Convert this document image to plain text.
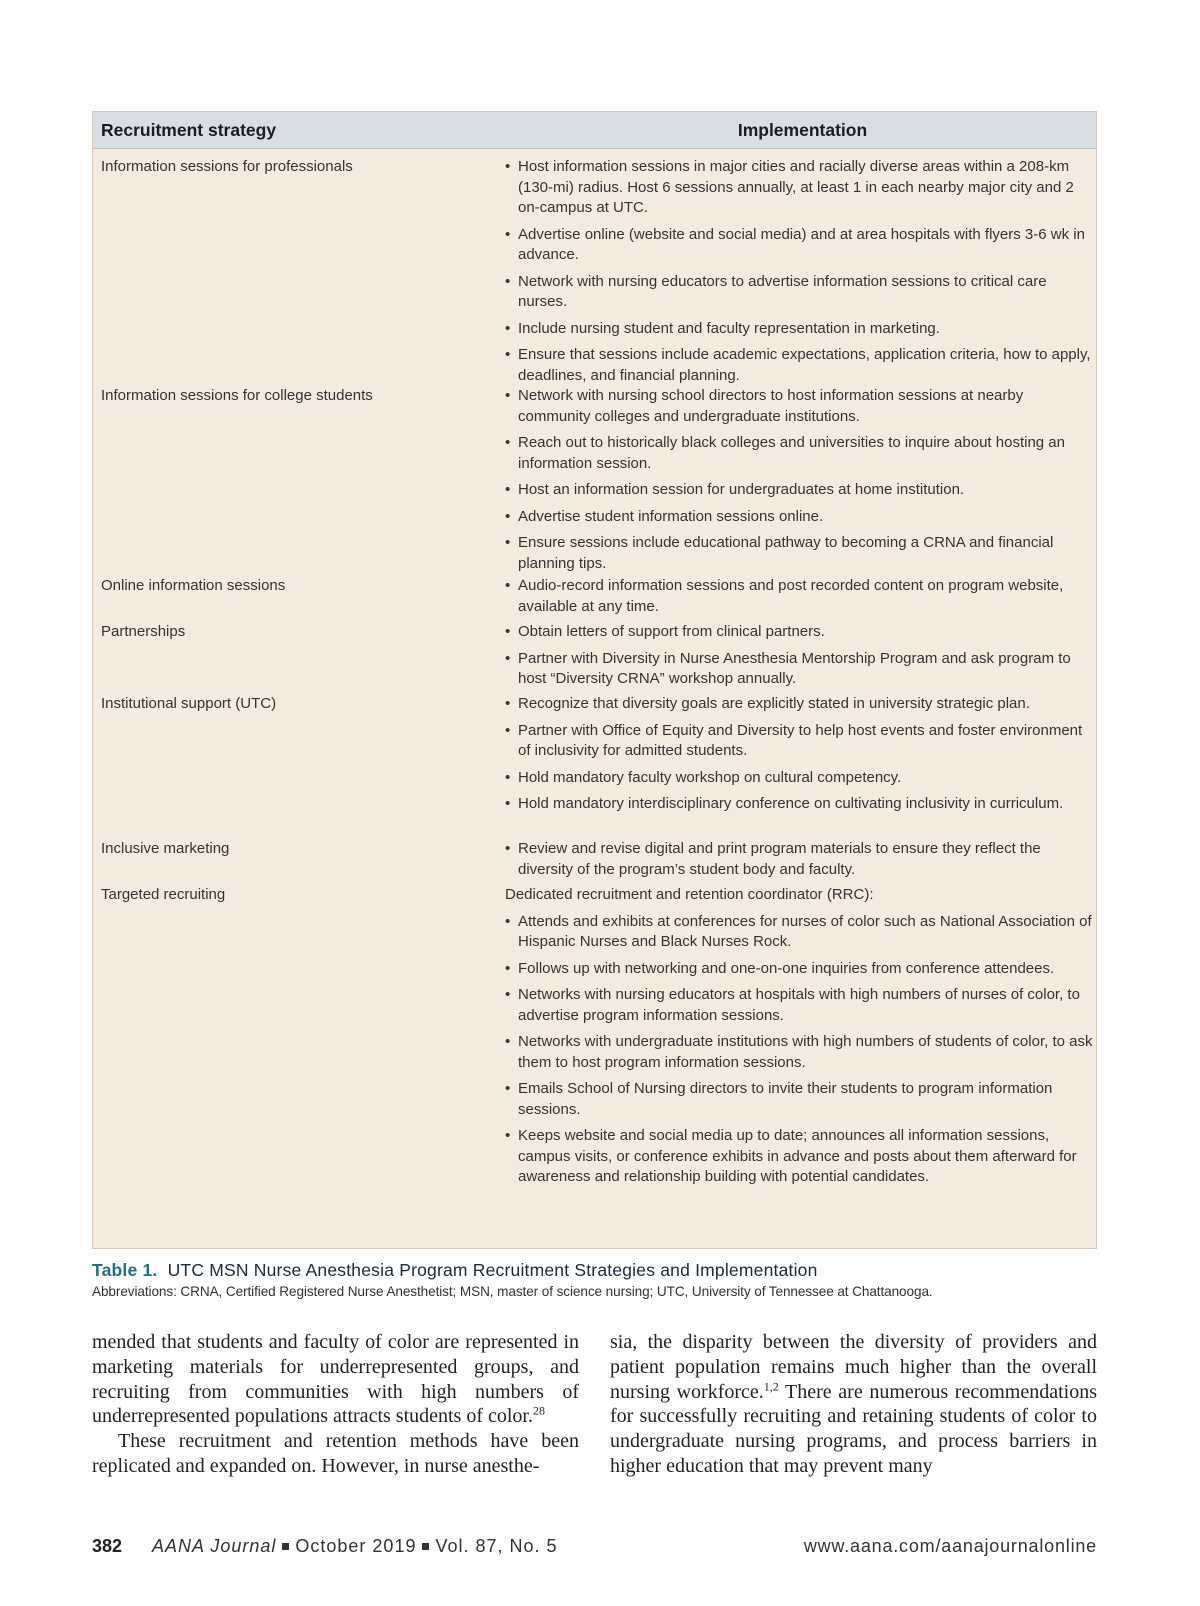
Recruitment strategy	Implementation
Information sessions for professionals	• Host information sessions in major cities and racially diverse areas within a 208-km (130-mi) radius. Host 6 sessions annually, at least 1 in each nearby major city and 2 on-campus at UTC.
• Advertise online (website and social media) and at area hospitals with flyers 3-6 wk in advance.
• Network with nursing educators to advertise information sessions to critical care nurses.
• Include nursing student and faculty representation in marketing.
• Ensure that sessions include academic expectations, application criteria, how to apply, deadlines, and financial planning.
Information sessions for college students	• Network with nursing school directors to host information sessions at nearby community colleges and undergraduate institutions.
• Reach out to historically black colleges and universities to inquire about hosting an information session.
• Host an information session for undergraduates at home institution.
• Advertise student information sessions online.
• Ensure sessions include educational pathway to becoming a CRNA and financial planning tips.
Online information sessions	• Audio-record information sessions and post recorded content on program website, available at any time.
Partnerships	• Obtain letters of support from clinical partners.
• Partner with Diversity in Nurse Anesthesia Mentorship Program and ask program to host “Diversity CRNA” workshop annually.
Institutional support (UTC)	• Recognize that diversity goals are explicitly stated in university strategic plan.
• Partner with Office of Equity and Diversity to help host events and foster environment of inclusivity for admitted students.
• Hold mandatory faculty workshop on cultural competency.
• Hold mandatory interdisciplinary conference on cultivating inclusivity in curriculum.
Inclusive marketing	• Review and revise digital and print program materials to ensure they reflect the diversity of the program’s student body and faculty.
Targeted recruiting	Dedicated recruitment and retention coordinator (RRC):
• Attends and exhibits at conferences for nurses of color such as National Association of Hispanic Nurses and Black Nurses Rock.
• Follows up with networking and one-on-one inquiries from conference attendees.
• Networks with nursing educators at hospitals with high numbers of nurses of color, to advertise program information sessions.
• Networks with undergraduate institutions with high numbers of students of color, to ask them to host program information sessions.
• Emails School of Nursing directors to invite their students to program information sessions.
• Keeps website and social media up to date; announces all information sessions, campus visits, or conference exhibits in advance and posts about them afterward for awareness and relationship building with potential candidates.
Table 1. UTC MSN Nurse Anesthesia Program Recruitment Strategies and Implementation
Abbreviations: CRNA, Certified Registered Nurse Anesthetist; MSN, master of science nursing; UTC, University of Tennessee at Chattanooga.

mended that students and faculty of color are represented in marketing materials for underrepresented groups, and recruiting from communities with high numbers of underrepresented populations attracts students of color.$^{28}$

These recruitment and retention methods have been replicated and expanded on. However, in nurse anesthe-

sia, the disparity between the diversity of providers and patient population remains much higher than the overall nursing workforce.$^{1,2}$ There are numerous recommendations for successfully recruiting and retaining students of color to undergraduate nursing programs, and process barriers in higher education that may prevent many

382 AANA Journal October 2019 Vol. 87, No. 5	www.aana.com/aanajournalonline
